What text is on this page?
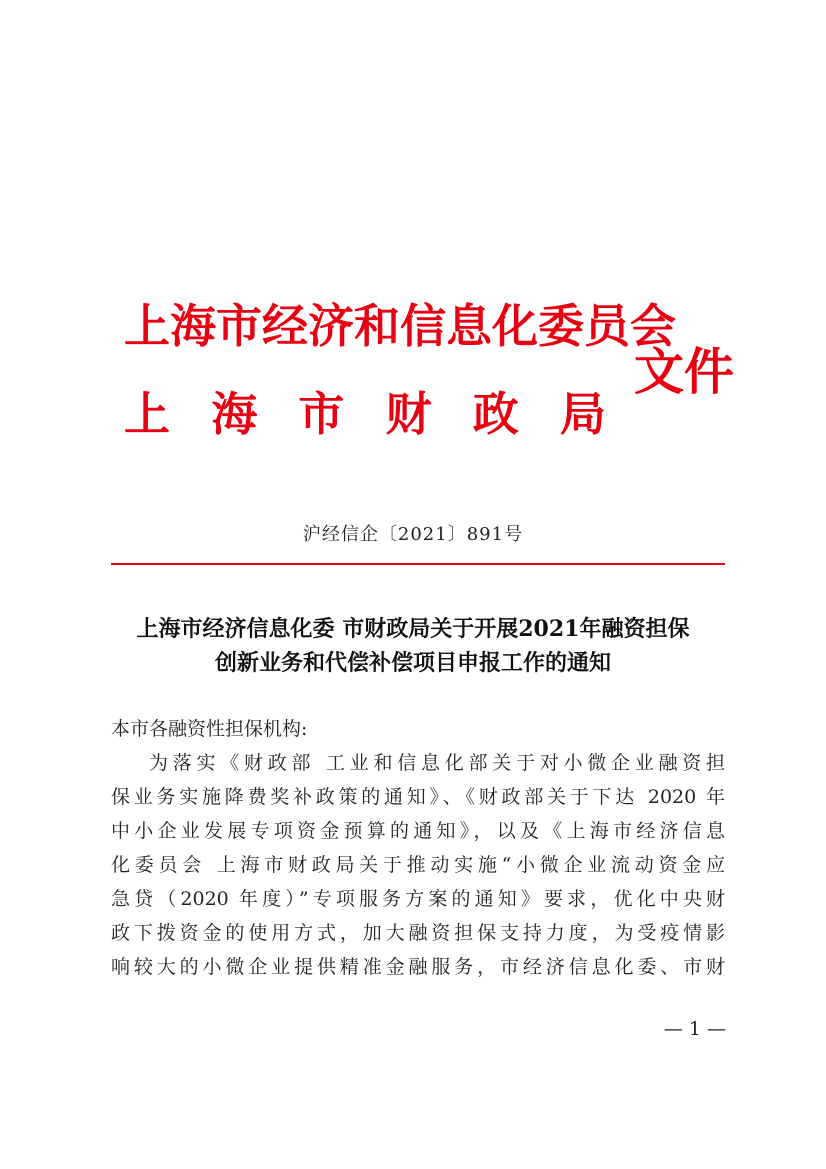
上海市经济和信息化委员会
上 海 市 财 政 局
文件
沪经信企〔2021〕891号
上海市经济信息化委 市财政局关于开展2021年融资担保
创新业务和代偿补偿项目申报工作的通知
本市各融资性担保机构:
为落实《财政部 工业和信息化部关于对小微企业融资担
保业务实施降费奖补政策的通知》、《财政部关于下达 2020 年
中小企业发展专项资金预算的通知》，以及《上海市经济信息
化委员会 上海市财政局关于推动实施“小微企业流动资金应
急贷（2020 年度）”专项服务方案的通知》要求，优化中央财
政下拨资金的使用方式，加大融资担保支持力度，为受疫情影
响较大的小微企业提供精准金融服务，市经济信息化委、市财
— 1 —
